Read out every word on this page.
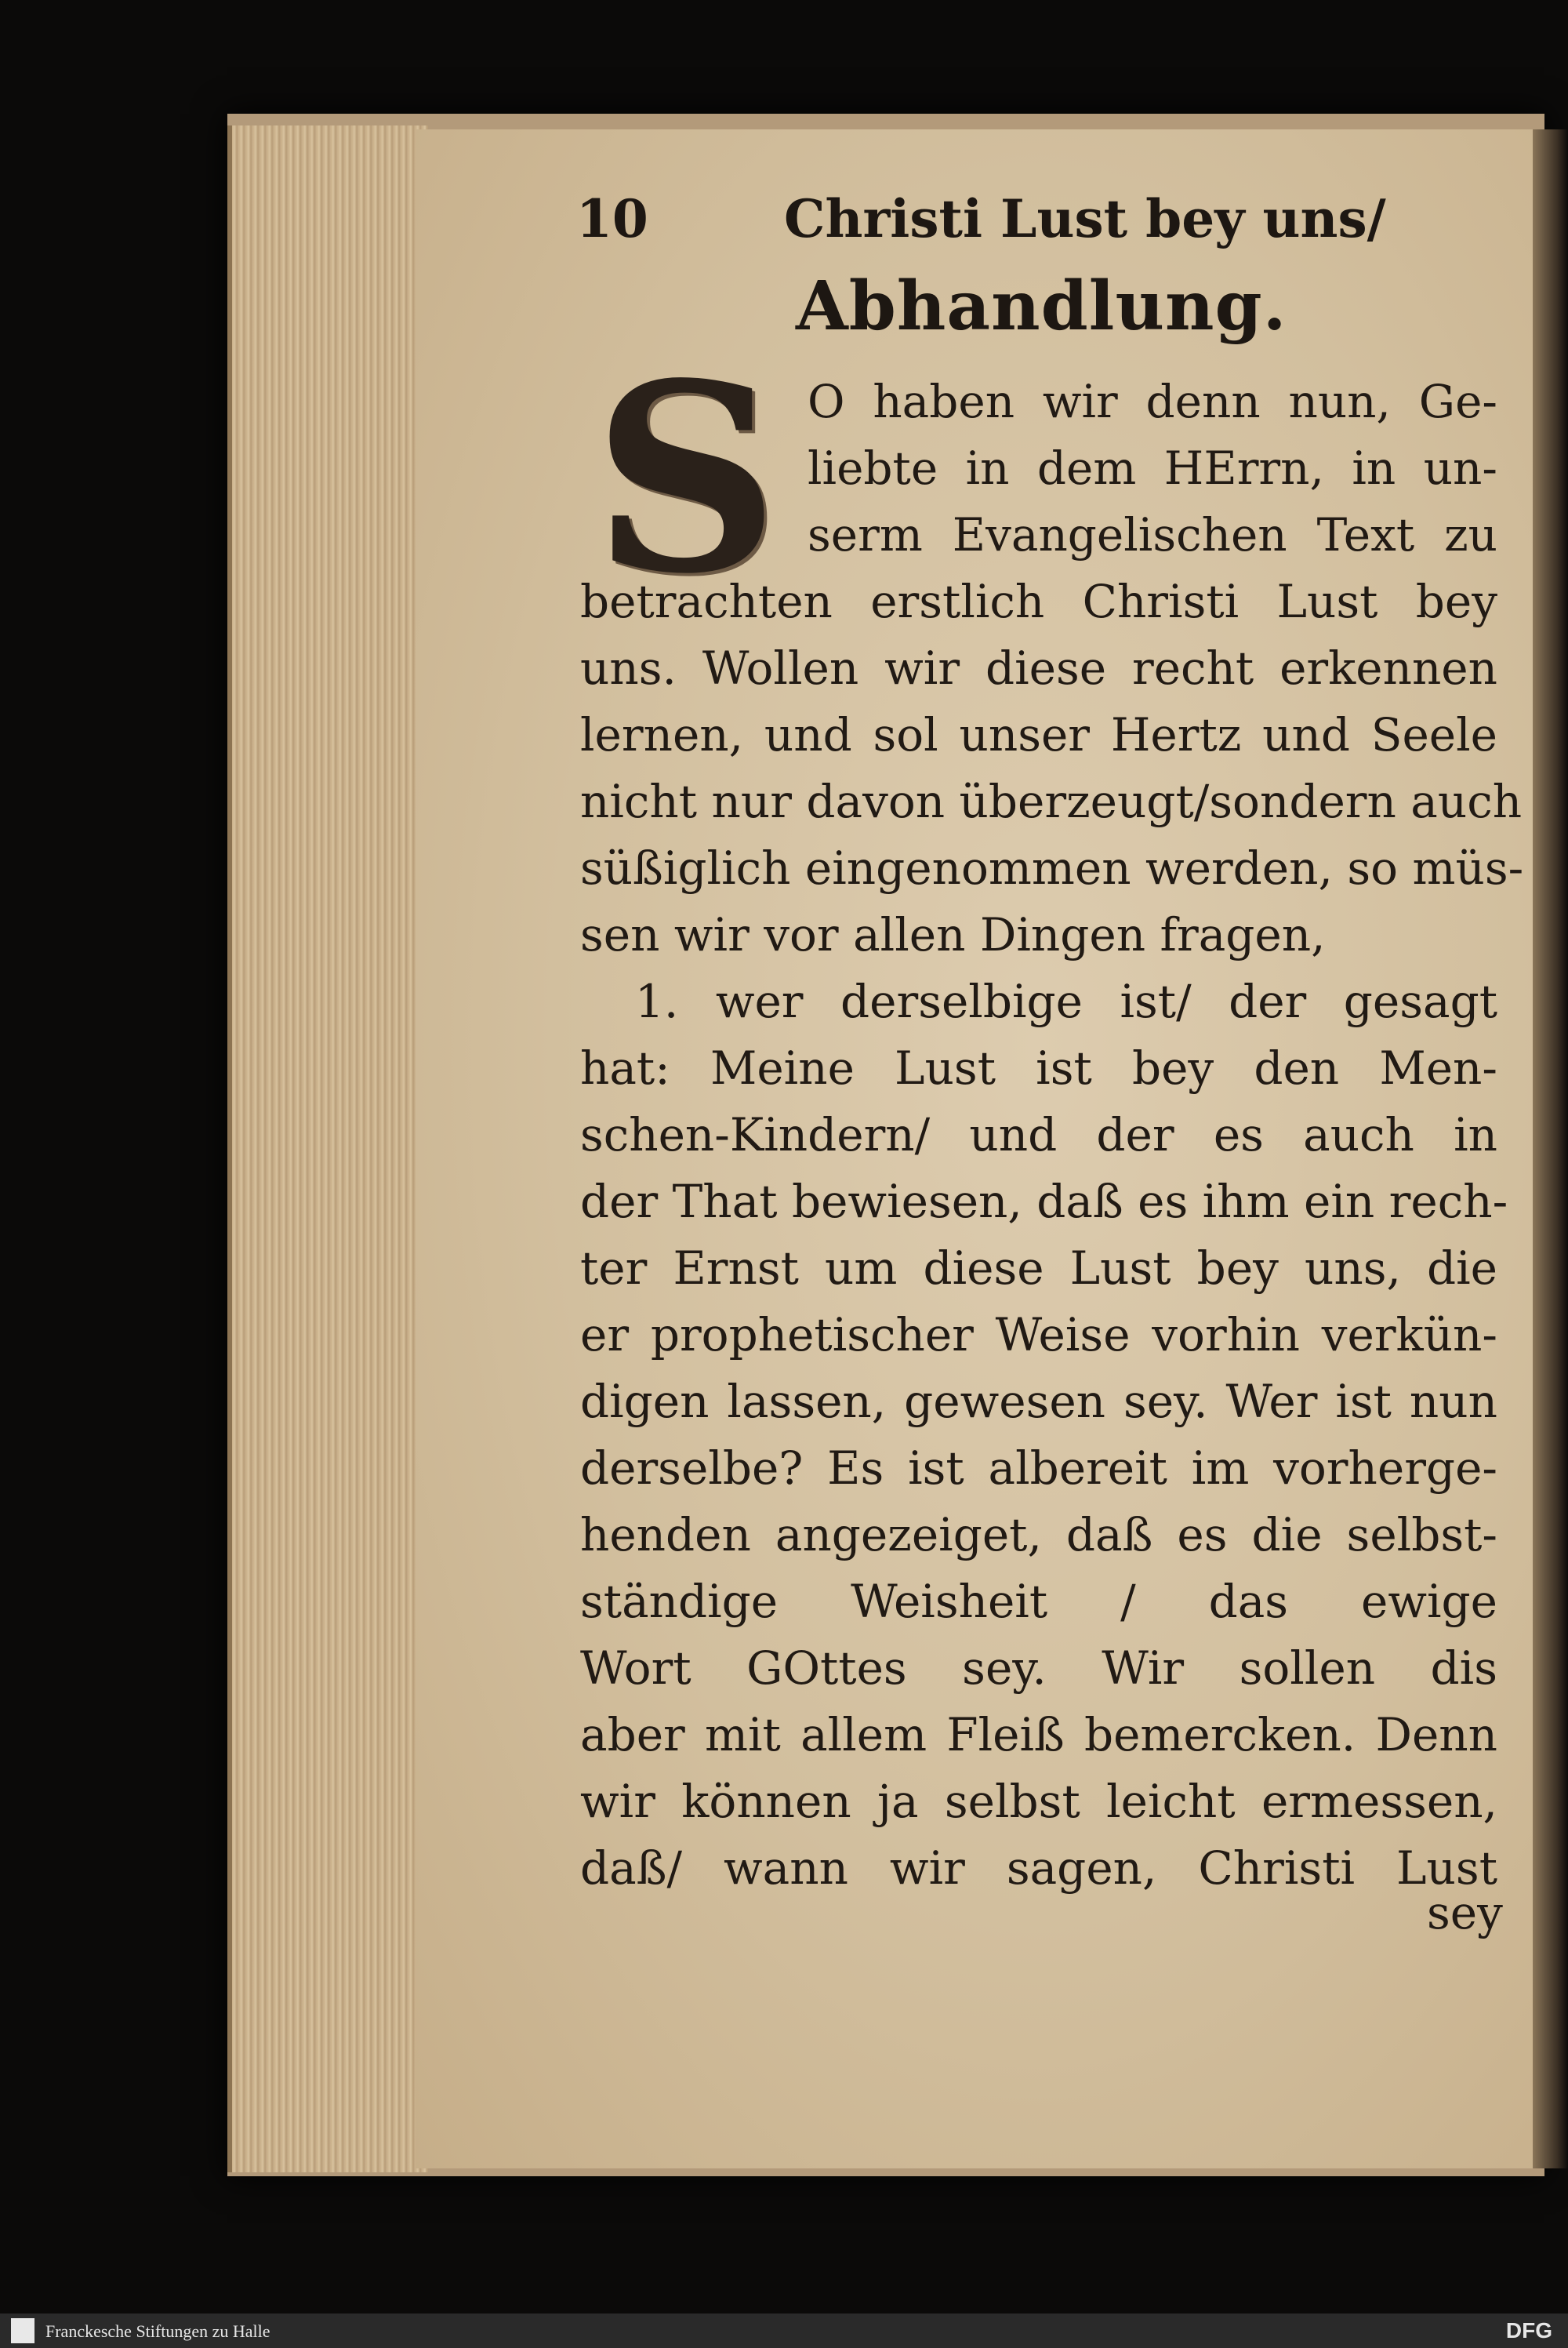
10	Christi Lust bey uns/
Abhandlung.
S O haben wir denn nun, Ge-
liebte in dem HErrn, in un-
serm Evangelischen Text zu
betrachten erstlich Christi Lust bey
uns. Wollen wir diese recht erkennen
lernen, und sol unser Hertz und Seele
nicht nur davon überzeugt/sondern auch
süßiglich eingenommen werden, so müs-
sen wir vor allen Dingen fragen,
1. wer derselbige ist/ der gesagt
hat: Meine Lust ist bey den Men-
schen-Kindern/ und der es auch in
der That bewiesen, daß es ihm ein rech-
ter Ernst um diese Lust bey uns, die
er prophetischer Weise vorhin verkün-
digen lassen, gewesen sey. Wer ist nun
derselbe? Es ist albereit im vorherge-
henden angezeiget, daß es die selbst-
ständige Weisheit / das ewige
Wort GOttes sey. Wir sollen dis
aber mit allem Fleiß bemercken. Denn
wir können ja selbst leicht ermessen,
daß/ wann wir sagen, Christi Lust
sey
Franckesche Stiftungen zu Halle	DFG
